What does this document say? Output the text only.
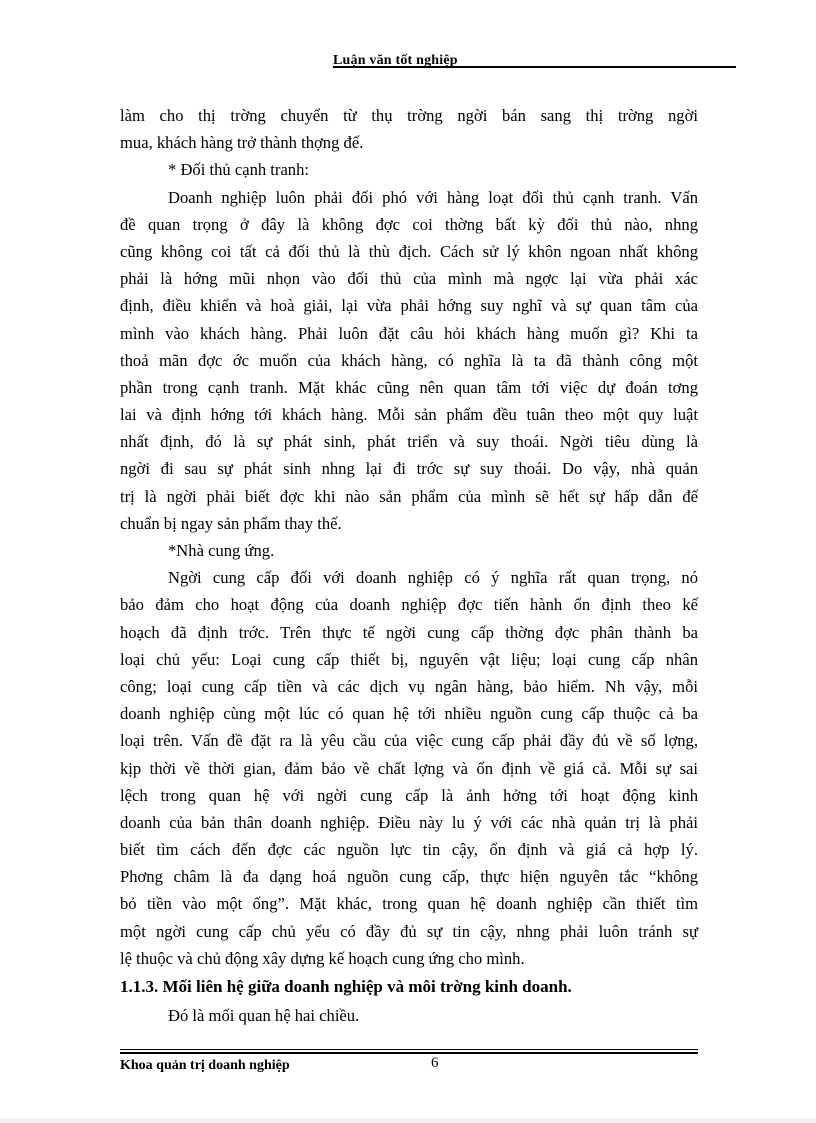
Luận văn tốt nghiệp
làm cho thị trờng chuyển từ thụ trờng ngời bán sang thị trờng ngời
mua, khách hàng trở thành thợng đế.
* Đối thủ cạnh tranh:
Doanh nghiệp luôn phải đối phó với hàng loạt đối thủ cạnh tranh. Vấn
đề quan trọng ở đây là không đợc coi thờng bất kỳ đối thủ nào, nhng
cũng không coi tất cả đối thủ là thù địch. Cách sử lý khôn ngoan nhất không
phải là hớng mũi nhọn vào đối thủ của mình mà ngợc lại vừa phải xác
định, điều khiển và hoà giải, lại vừa phải hớng suy nghĩ và sự quan tâm của
mình vào khách hàng. Phải luôn đặt câu hỏi khách hàng muốn gì? Khi ta
thoả mãn đợc ớc muốn của khách hàng, có nghĩa là ta đã thành công một
phần trong cạnh tranh. Mặt khác cũng nên quan tâm tới việc dự đoán tơng
lai và định hớng tới khách hàng. Mỗi sản phẩm đều tuân theo một quy luật
nhất định, đó là sự phát sinh, phát triển và suy thoái. Ngời tiêu dùng là
ngời đi sau sự phát sinh nhng lại đi trớc sự suy thoái. Do vậy, nhà quản
trị là ngời phải biết đợc khi nào sản phẩm của mình sẽ hết sự hấp dẫn để
chuẩn bị ngay sản phẩm thay thế.
*Nhà cung ứng.
Ngời cung cấp đối với doanh nghiệp có ý nghĩa rất quan trọng, nó
bảo đảm cho hoạt động của doanh nghiệp đợc tiến hành ổn định theo kế
hoạch đã định trớc. Trên thực tế ngời cung cấp thờng đợc phân thành ba
loại chủ yếu: Loại cung cấp thiết bị, nguyên vật liệu; loại cung cấp nhân
công; loại cung cấp tiền và các dịch vụ ngân hàng, bảo hiểm. Nh vậy, mỗi
doanh nghiệp cùng một lúc có quan hệ tới nhiều nguồn cung cấp thuộc cả ba
loại trên. Vấn đề đặt ra là yêu cầu của việc cung cấp phải đầy đủ về số lợng,
kịp thời về thời gian, đảm bảo về chất lợng và ổn định về giá cả. Mỗi sự sai
lệch trong quan hệ với ngời cung cấp là ảnh hởng tới hoạt động kinh
doanh của bản thân doanh nghiệp. Điều này lu ý với các nhà quản trị là phải
biết tìm cách đến đợc các nguồn lực tin cậy, ổn định và giá cả hợp lý.
Phơng châm là đa dạng hoá nguồn cung cấp, thực hiện nguyên tắc “không
bỏ tiền vào một ống”. Mặt khác, trong quan hệ doanh nghiệp cần thiết tìm
một ngời cung cấp chủ yếu có đầy đủ sự tin cậy, nhng phải luôn tránh sự
lệ thuộc và chủ động xây dựng kế hoạch cung ứng cho mình.
1.1.3. Mối liên hệ giữa doanh nghiệp và môi trờng kinh doanh.
Đó là mối quan hệ hai chiều.
Khoa quản trị doanh nghiệp	6
